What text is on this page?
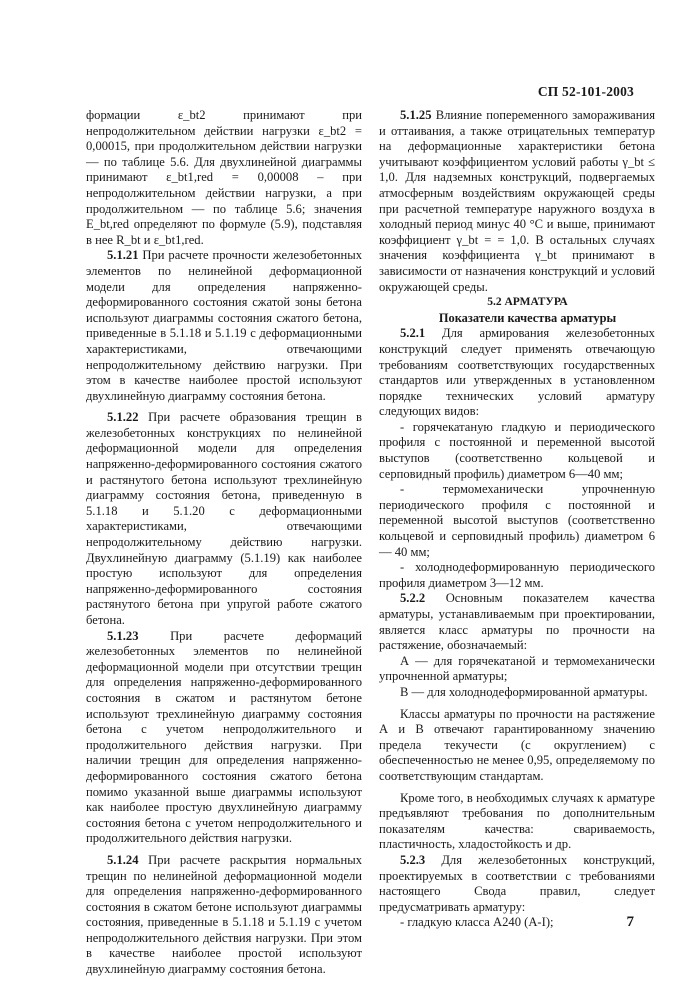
СП 52-101-2003

формации ε_bt2 принимают при непродолжительном действии нагрузки ε_bt2 = 0,00015, при продолжительном действии нагрузки — по таблице 5.6. Для двухлинейной диаграммы принимают ε_bt1,red = 0,00008 – при непродолжительном действии нагрузки, а при продолжительном — по таблице 5.6; значения E_bt,red определяют по формуле (5.9), подставляя в нее R_bt и ε_bt1,red.

5.1.21 При расчете прочности железобетонных элементов по нелинейной деформационной модели для определения напряженно-деформированного состояния сжатой зоны бетона используют диаграммы состояния сжатого бетона, приведенные в 5.1.18 и 5.1.19 с деформационными характеристиками, отвечающими непродолжительному действию нагрузки. При этом в качестве наиболее простой используют двухлинейную диаграмму состояния бетона.

5.1.22 При расчете образования трещин в железобетонных конструкциях по нелинейной деформационной модели для определения напряженно-деформированного состояния сжатого и растянутого бетона используют трехлинейную диаграмму состояния бетона, приведенную в 5.1.18 и 5.1.20 с деформационными характеристиками, отвечающими непродолжительному действию нагрузки. Двухлинейную диаграмму (5.1.19) как наиболее простую используют для определения напряженно-деформированного состояния растянутого бетона при упругой работе сжатого бетона.

5.1.23	При расчете деформаций железобетонных элементов по нелинейной деформационной модели при отсутствии трещин для определения напряженно-деформированного состояния в сжатом и растянутом бетоне используют трехлинейную диаграмму состояния бетона с учетом непродолжительного и продолжительного действия нагрузки. При наличии трещин для определения напряженно-деформированного состояния сжатого бетона помимо указанной выше диаграммы используют как наиболее простую двухлинейную диаграмму состояния бетона с учетом непродолжительного и продолжительного действия нагрузки.

5.1.24 При расчете раскрытия нормальных трещин по нелинейной деформационной модели для определения напряженно-деформированного состояния в сжатом бетоне используют диаграммы состояния, приведенные в 5.1.18 и 5.1.19 с учетом непродолжительного действия нагрузки. При этом в качестве наиболее простой используют двухлинейную диаграмму состояния бетона.

5.1.25 Влияние попеременного замораживания и оттаивания, а также отрицательных температур на деформационные характеристики бетона учитывают коэффициентом условий работы γ_bt ≤ 1,0. Для надземных конструкций, подвергаемых атмосферным воздействиям окружающей среды при расчетной температуре наружного воздуха в холодный период минус 40 °С и выше, принимают коэффициент γ_bt = = 1,0. В остальных случаях значения коэффициента γ_bt принимают в зависимости от назначения конструкций и условий окружающей среды.

5.2 АРМАТУРА

Показатели качества арматуры

5.2.1 Для армирования железобетонных конструкций следует применять отвечающую требованиям соответствующих государственных стандартов или утвержденных в установленном порядке технических условий арматуру следующих видов:

- горячекатаную гладкую и периодического профиля с постоянной и переменной высотой выступов (соответственно кольцевой и серповидный профиль) диаметром 6—40 мм;

- термомеханически упрочненную периодического профиля с постоянной и переменной высотой выступов (соответственно кольцевой и серповидный профиль) диаметром 6— 40 мм;

- холоднодеформированную периодического профиля диаметром 3—12 мм.

5.2.2 Основным показателем качества арматуры, устанавливаемым при проектировании, является класс арматуры по прочности на растяжение, обозначаемый:

А — для горячекатаной и термомеханически упрочненной арматуры;

В — для холоднодеформированной арматуры.

Классы арматуры по прочности на растяжение А и В отвечают гарантированному значению предела текучести (с округлением) с обеспеченностью не менее 0,95, определяемому по соответствующим стандартам.

Кроме того, в необходимых случаях к арматуре предъявляют требования по дополнительным показателям качества: свариваемость, пластичность, хладостойкость и др.

5.2.3 Для железобетонных конструкций, проектируемых в соответствии с требованиями настоящего Свода правил, следует предусматривать арматуру:

- гладкую класса А240 (А-I);	7
